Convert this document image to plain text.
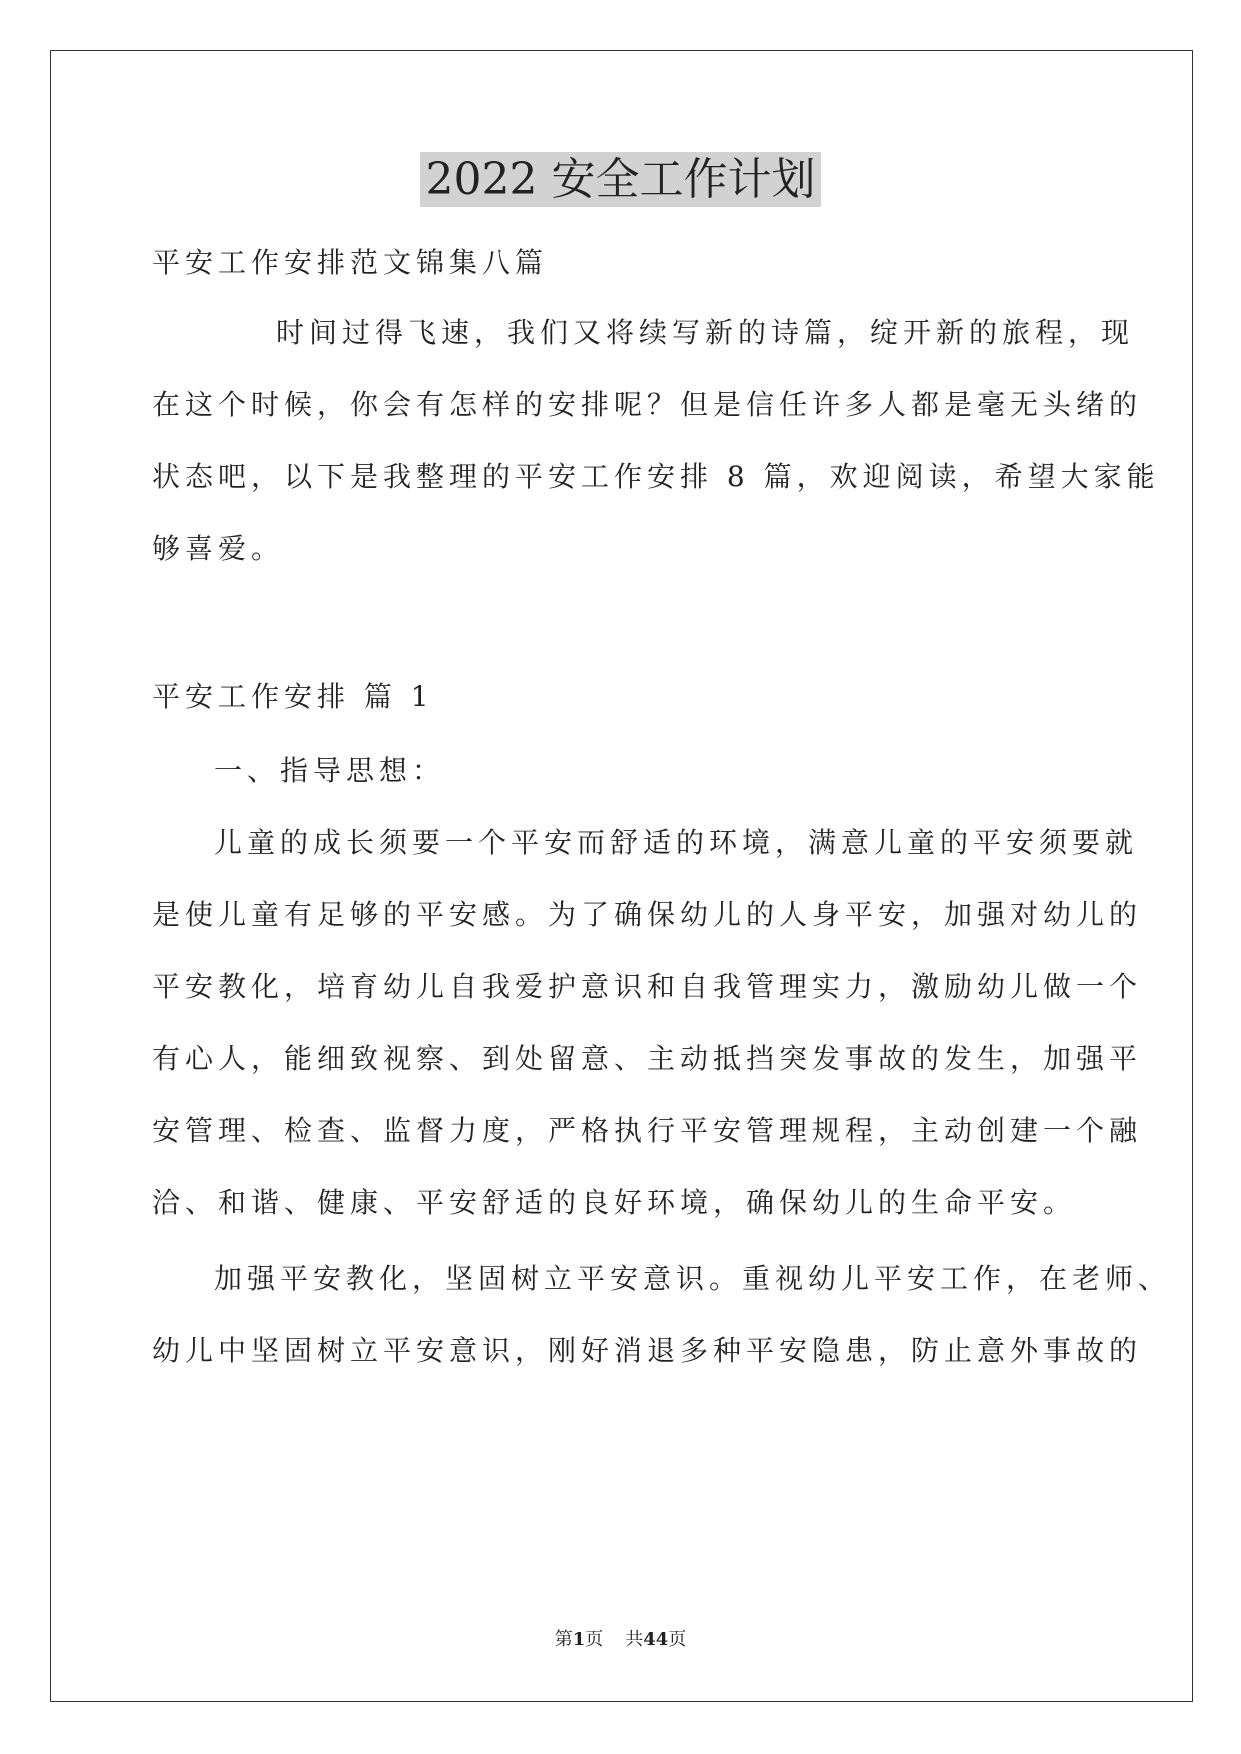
2022 安全工作计划

平安工作安排范文锦集八篇

时间过得飞速，我们又将续写新的诗篇，绽开新的旅程，现

在这个时候，你会有怎样的安排呢？但是信任许多人都是毫无头绪的

状态吧，以下是我整理的平安工作安排 8 篇，欢迎阅读，希望大家能

够喜爱。

平安工作安排 篇 1

一、指导思想：

儿童的成长须要一个平安而舒适的环境，满意儿童的平安须要就

是使儿童有足够的平安感。为了确保幼儿的人身平安，加强对幼儿的

平安教化，培育幼儿自我爱护意识和自我管理实力，激励幼儿做一个

有心人，能细致视察、到处留意、主动抵挡突发事故的发生，加强平

安管理、检查、监督力度，严格执行平安管理规程，主动创建一个融

洽、和谐、健康、平安舒适的良好环境，确保幼儿的生命平安。

加强平安教化，坚固树立平安意识。重视幼儿平安工作，在老师、

幼儿中坚固树立平安意识，刚好消退多种平安隐患，防止意外事故的

第1页 共44页
